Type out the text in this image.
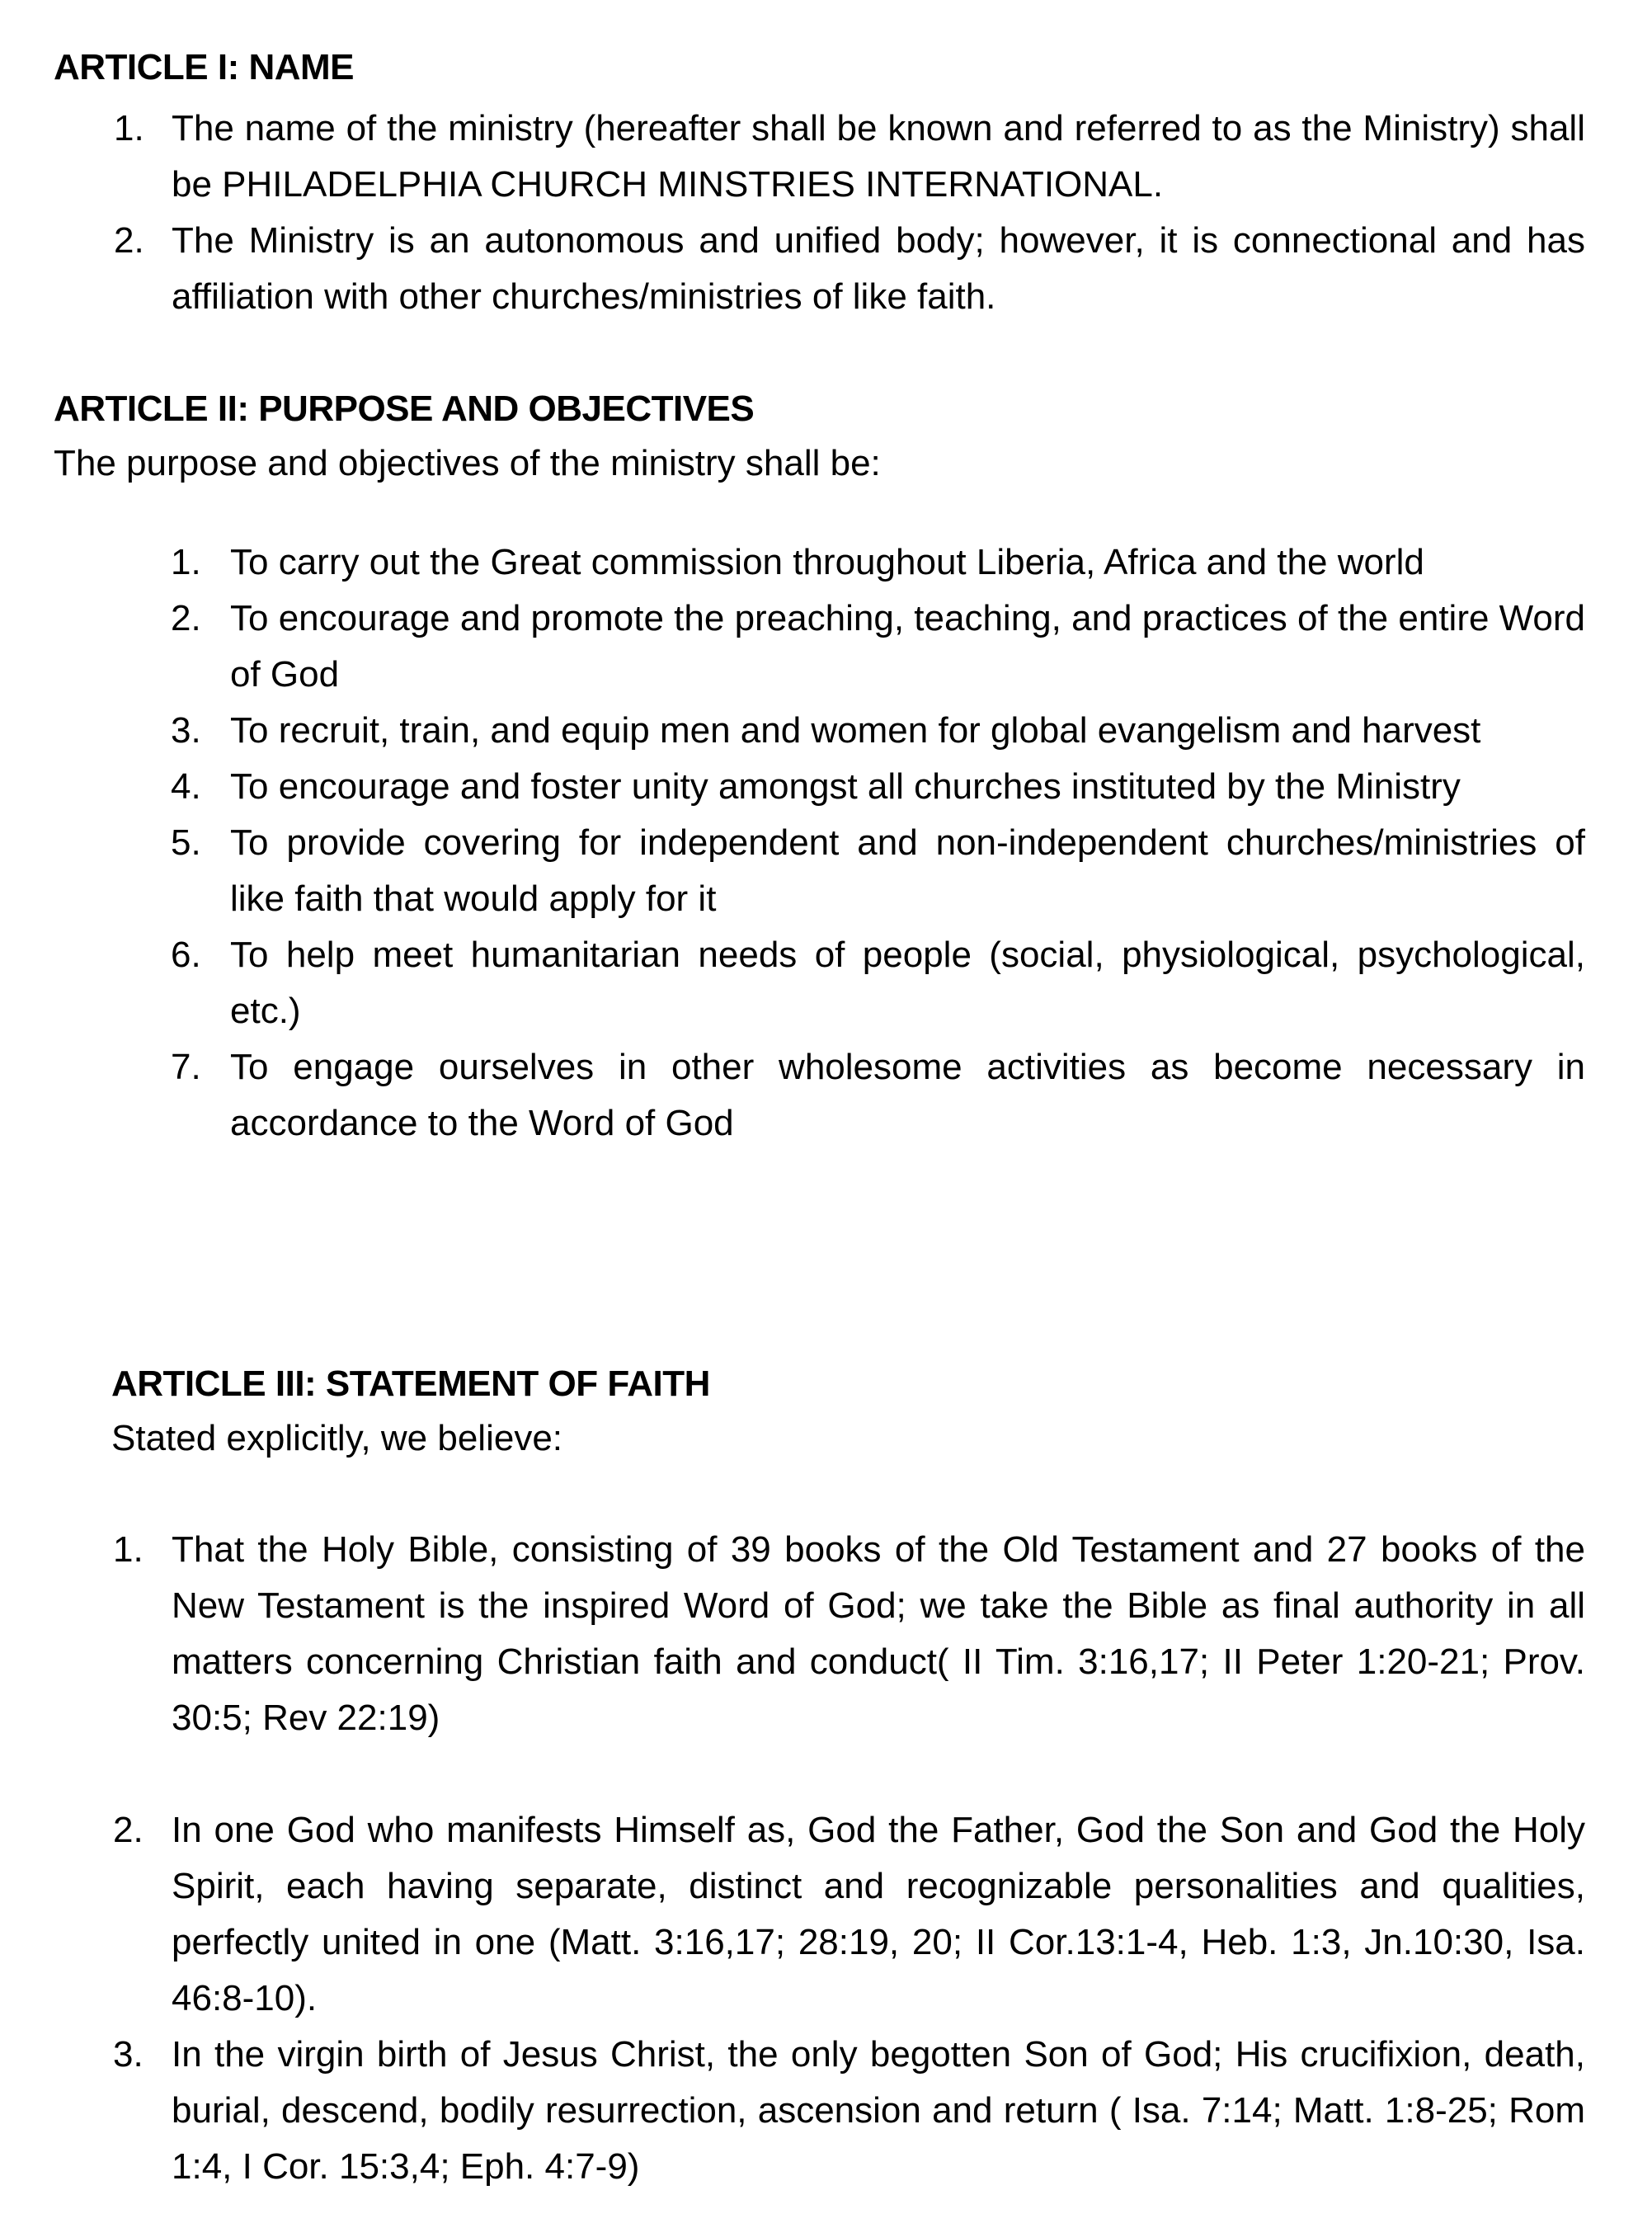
ARTICLE I: NAME
1. The name of the ministry (hereafter shall be known and referred to as the Ministry) shall be PHILADELPHIA CHURCH MINSTRIES INTERNATIONAL.
2. The Ministry is an autonomous and unified body; however, it is connectional and has affiliation with other churches/ministries of like faith.
ARTICLE II: PURPOSE AND OBJECTIVES
The purpose and objectives of the ministry shall be:
1. To carry out the Great commission throughout Liberia, Africa and the world
2. To encourage and promote the preaching, teaching, and practices of the entire Word of God
3. To recruit, train, and equip men and women for global evangelism and harvest
4. To encourage and foster unity amongst all churches instituted by the Ministry
5. To provide covering for independent and non-independent churches/ministries of like faith that would apply for it
6. To help meet humanitarian needs of people (social, physiological, psychological, etc.)
7. To engage ourselves in other wholesome activities as become necessary in accordance to the Word of God
ARTICLE III: STATEMENT OF FAITH
Stated explicitly, we believe:
1. That the Holy Bible, consisting of 39 books of the Old Testament and 27 books of the New Testament is the inspired Word of God; we take the Bible as final authority in all matters concerning Christian faith and conduct( II Tim. 3:16,17; II Peter 1:20-21; Prov. 30:5; Rev 22:19)
2. In one God who manifests Himself as, God the Father, God the Son and God the Holy Spirit, each having separate, distinct and recognizable personalities and qualities, perfectly united in one (Matt. 3:16,17; 28:19, 20; II Cor.13:1-4, Heb. 1:3, Jn.10:30, Isa. 46:8-10).
3. In the virgin birth of Jesus Christ, the only begotten Son of God; His crucifixion, death, burial, descend, bodily resurrection, ascension and return ( Isa. 7:14; Matt. 1:8-25; Rom 1:4, I Cor. 15:3,4; Eph. 4:7-9)
